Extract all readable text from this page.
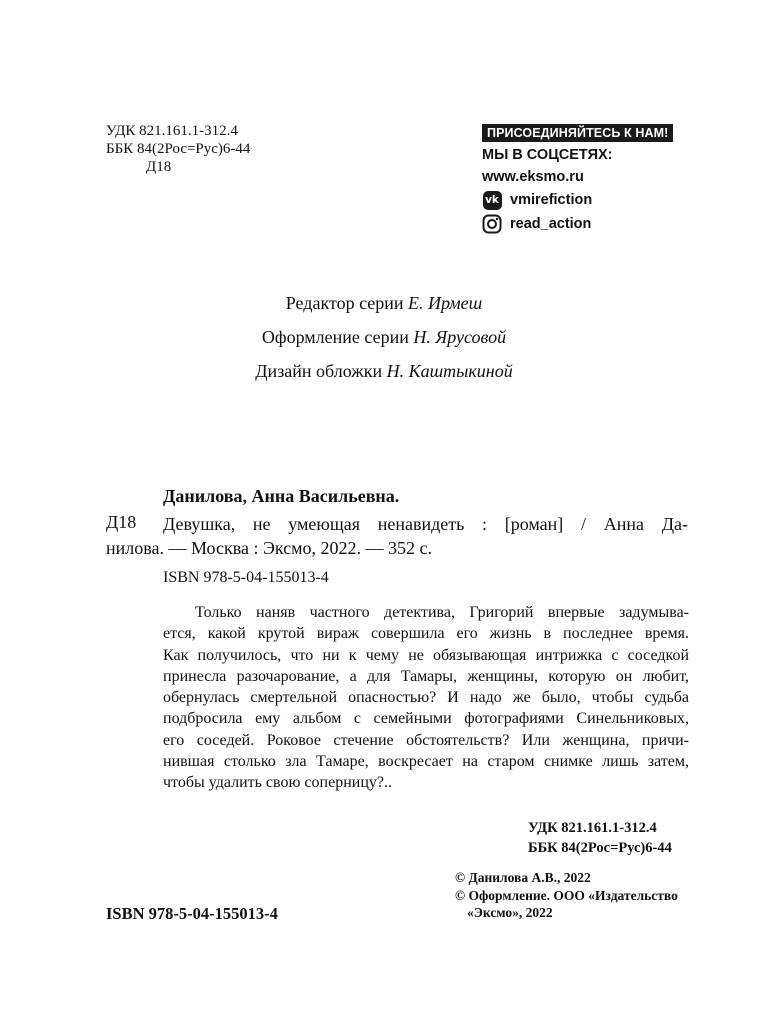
УДК 821.161.1-312.4
ББК 84(2Рос=Рус)6-44
Д18
ПРИСОЕДИНЯЙТЕСЬ К НАМ!
МЫ В СОЦСЕТЯХ:
www.eksmo.ru
vk vmirefiction
read_action
Редактор серии Е. Ирмеш
Оформление серии Н. Ярусовой
Дизайн обложки Н. Каштыкиной
Данилова, Анна Васильевна.
Д18	Девушка, не умеющая ненавидеть : [роман] / Анна Да-
нилова. — Москва : Эксмо, 2022. — 352 с.
ISBN 978-5-04-155013-4
Только наняв частного детектива, Григорий впервые задумыва-
ется, какой крутой вираж совершила его жизнь в последнее время.
Как получилось, что ни к чему не обязывающая интрижка с соседкой
принесла разочарование, а для Тамары, женщины, которую он любит,
обернулась смертельной опасностью? И надо же было, чтобы судьба
подбросила ему альбом с семейными фотографиями Синельниковых,
его соседей. Роковое стечение обстоятельств? Или женщина, причи-
нившая столько зла Тамаре, воскресает на старом снимке лишь затем,
чтобы удалить свою соперницу?..
УДК 821.161.1-312.4
ББК 84(2Рос=Рус)6-44
© Данилова А.В., 2022
© Оформление. ООО «Издательство
«Эксмо», 2022
ISBN 978-5-04-155013-4
